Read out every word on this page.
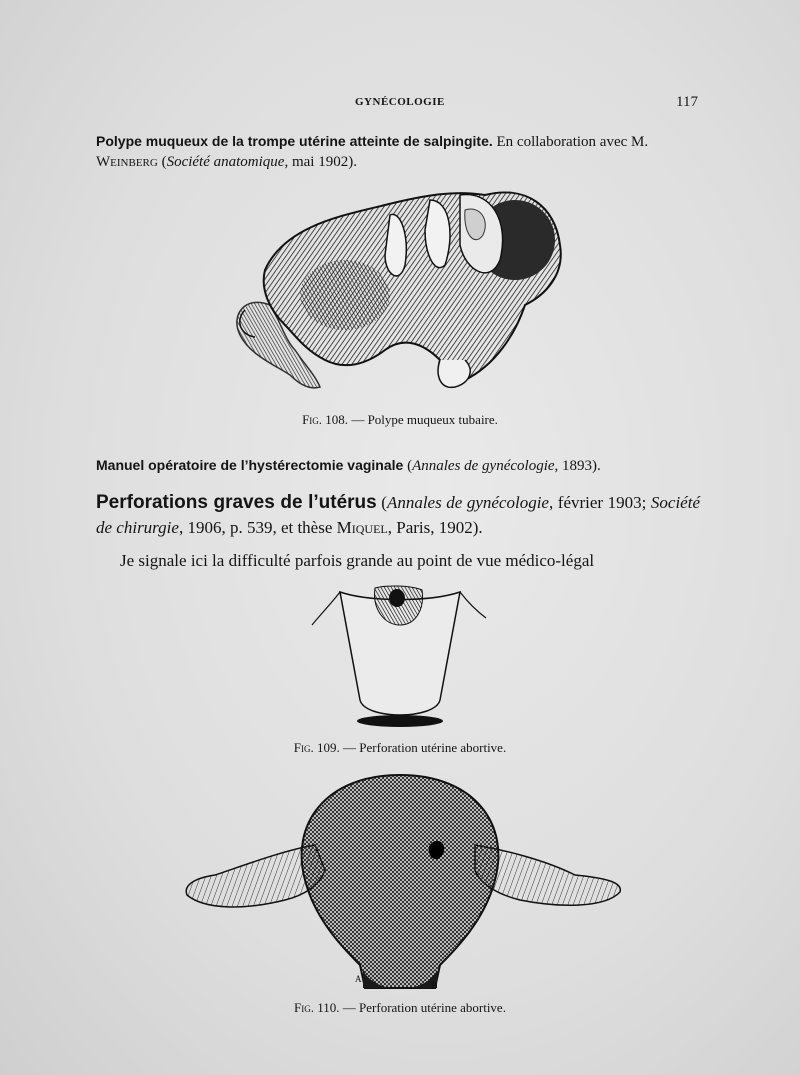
GYNÉCOLOGIE	117
Polype muqueux de la trompe utérine atteinte de salpingite. En collaboration avec M. Weinberg (Société anatomique, mai 1902).
Fig. 108. — Polype muqueux tubaire.
Manuel opératoire de l’hystérectomie vaginale (Annales de gynécologie, 1893).
Perforations graves de l’utérus (Annales de gynécologie, février 1903; Société de chirurgie, 1906, p. 539, et thèse Miquel, Paris, 1902).
Je signale ici la difficulté parfois grande au point de vue médico-légal
Fig. 109. — Perforation utérine abortive.
A
B
Fig. 110. — Perforation utérine abortive.
